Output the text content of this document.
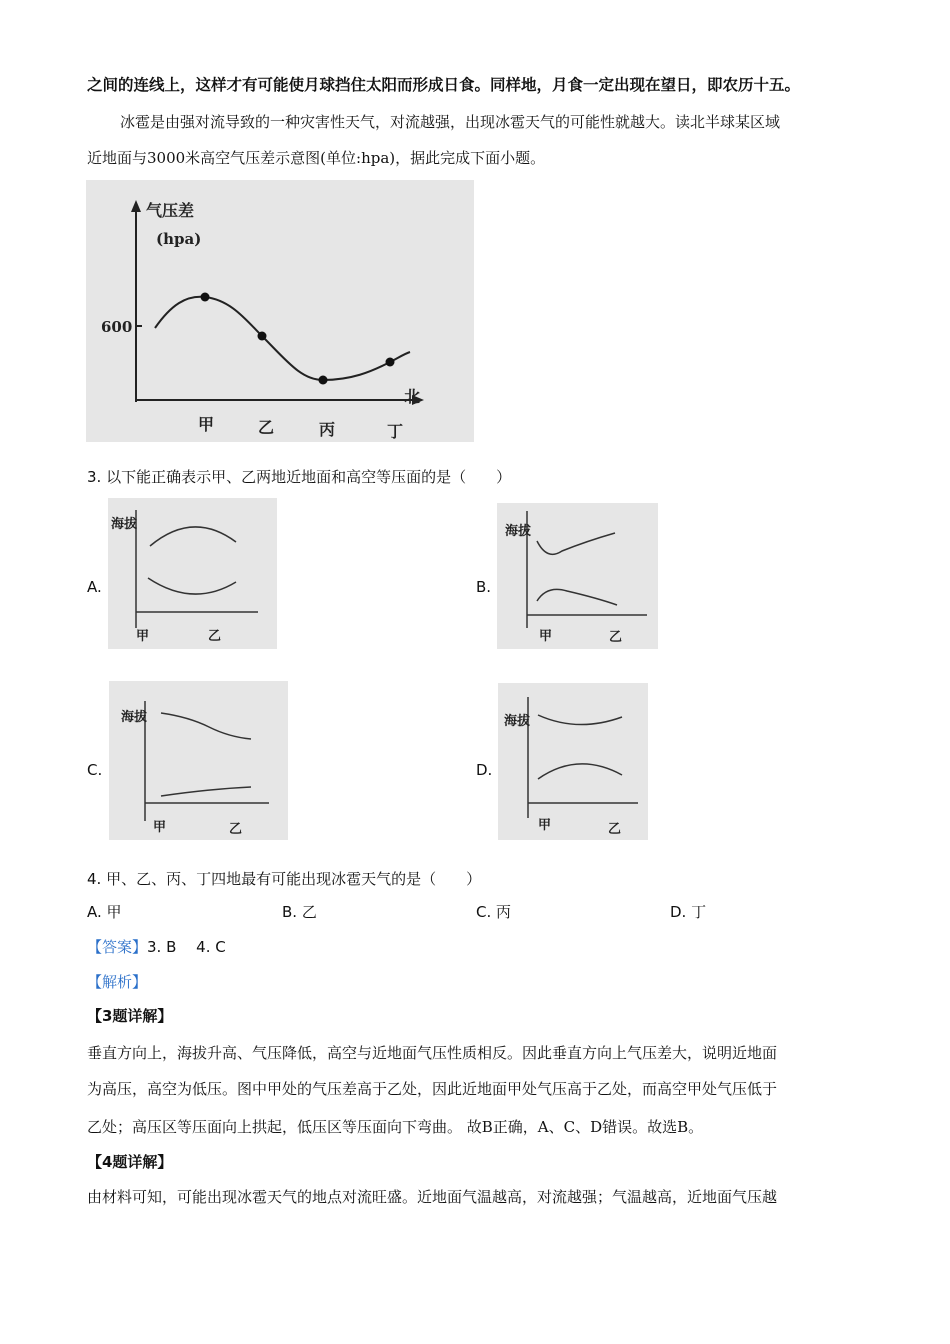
之间的连线上，这样才有可能使月球挡住太阳而形成日食。同样地，月食一定出现在望日，即农历十五。
冰雹是由强对流导致的一种灾害性天气，对流越强，出现冰雹天气的可能性就越大。读北半球某区域
近地面与3000米高空气压差示意图(单位:hpa)，据此完成下面小题。
气压差
(hpa)
600
北
甲	乙	丙	丁
3. 以下能正确表示甲、乙两地近地面和高空等压面的是（　　）
A.
海拔
甲	乙
B.
海拔
甲	乙
C.
海拔
甲	乙
D.
海拔
甲	乙
4. 甲、乙、丙、丁四地最有可能出现冰雹天气的是（　　）
A. 甲	B. 乙	C. 丙	D. 丁
【答案】3. B　 4. C
【解析】
【3题详解】
垂直方向上，海拔升高、气压降低，高空与近地面气压性质相反。因此垂直方向上气压差大，说明近地面
为高压，高空为低压。图中甲处的气压差高于乙处，因此近地面甲处气压高于乙处，而高空甲处气压低于
乙处；高压区等压面向上拱起，低压区等压面向下弯曲。 故B正确，A、C、D错误。故选B。
【4题详解】
由材料可知，可能出现冰雹天气的地点对流旺盛。近地面气温越高，对流越强；气温越高，近地面气压越
